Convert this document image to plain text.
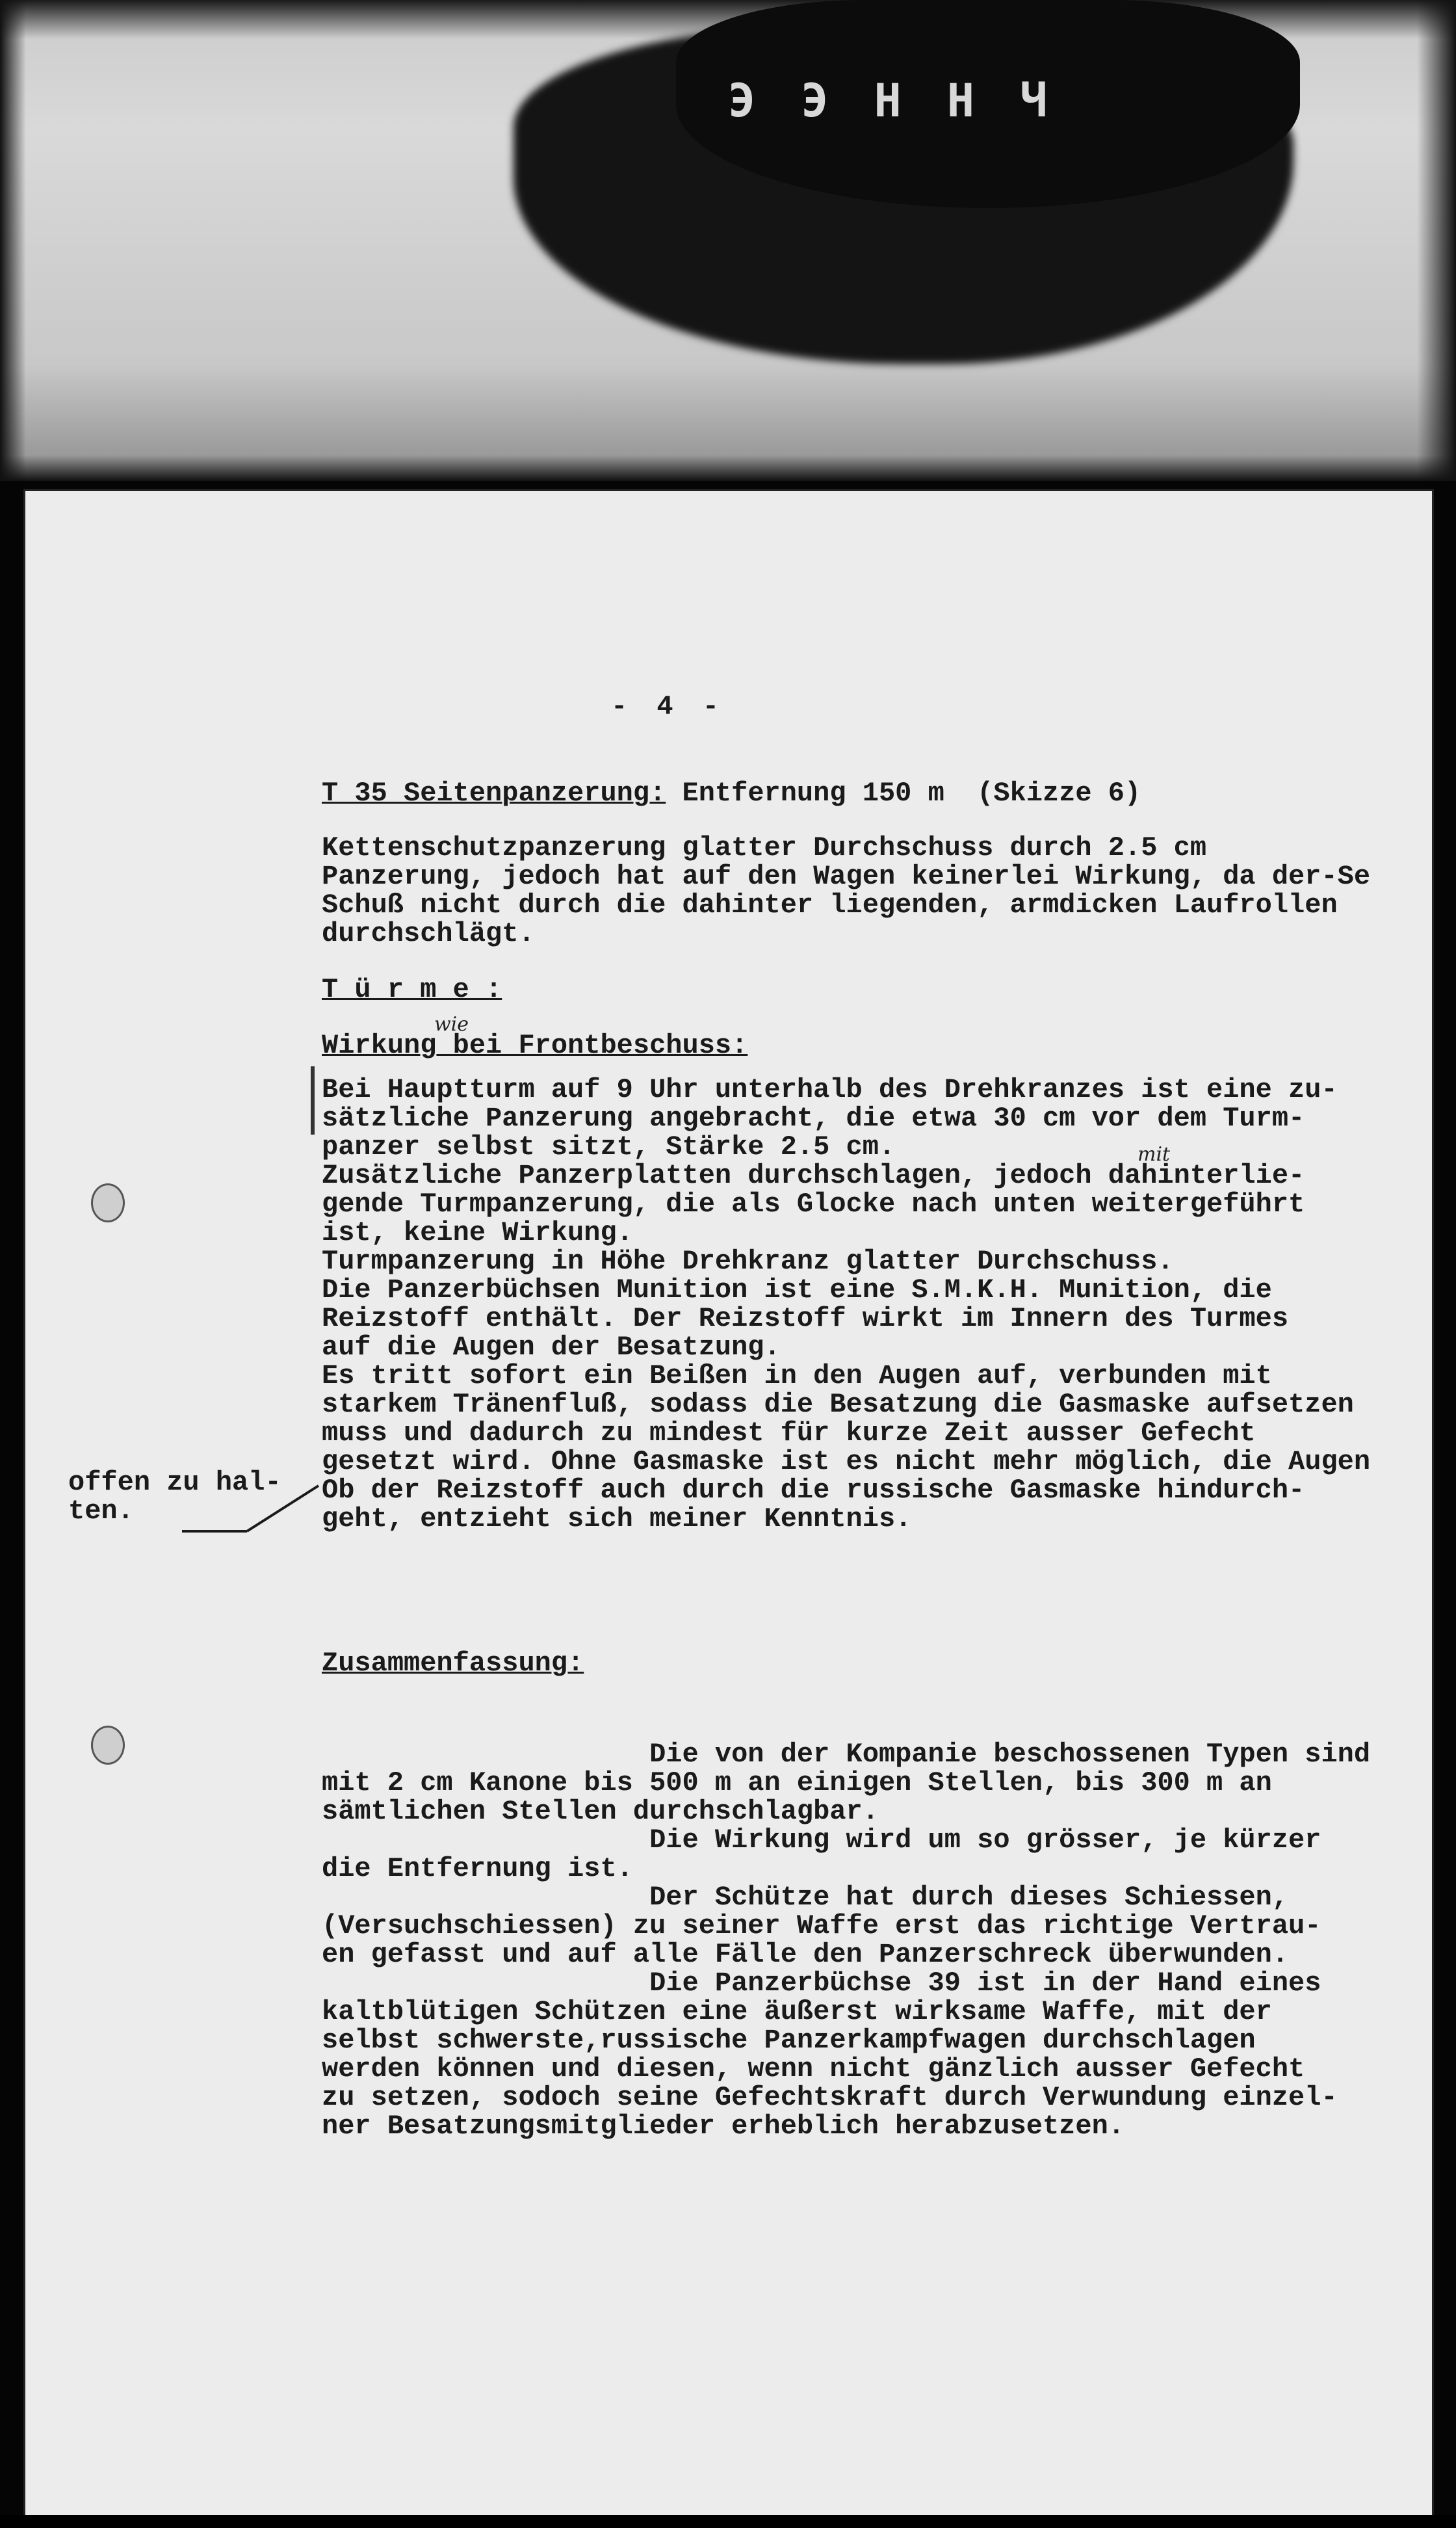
Э Э Н Н Ч
- 4 -
T 35 Seitenpanzerung: Entfernung 150 m  (Skizze 6)
Kettenschutzpanzerung glatter Durchschuss durch 2.5 cm
Panzerung, jedoch hat auf den Wagen keinerlei Wirkung, da der-Se
Schuß nicht durch die dahinter liegenden, armdicken Laufrollen
durchschlägt.
T ü r m e :
wie
Wirkung bei Frontbeschuss:
Bei Hauptturm auf 9 Uhr unterhalb des Drehkranzes ist eine zu-
sätzliche Panzerung angebracht, die etwa 30 cm vor dem Turm-
panzer selbst sitzt, Stärke 2.5 cm.	mit
Zusätzliche Panzerplatten durchschlagen, jedoch dahinterlie-
gende Turmpanzerung, die als Glocke nach unten weitergeführt
ist, keine Wirkung.
Turmpanzerung in Höhe Drehkranz glatter Durchschuss.
Die Panzerbüchsen Munition ist eine S.M.K.H. Munition, die
Reizstoff enthält. Der Reizstoff wirkt im Innern des Turmes
auf die Augen der Besatzung.
Es tritt sofort ein Beißen in den Augen auf, verbunden mit
starkem Tränenfluß, sodass die Besatzung die Gasmaske aufsetzen
muss und dadurch zu mindest für kurze Zeit ausser Gefecht
gesetzt wird. Ohne Gasmaske ist es nicht mehr möglich, die Augen
Ob der Reizstoff auch durch die russische Gasmaske hindurch-
geht, entzieht sich meiner Kenntnis.
offen zu hal-
ten.
Zusammenfassung:
Die von der Kompanie beschossenen Typen sind
mit 2 cm Kanone bis 500 m an einigen Stellen, bis 300 m an
sämtlichen Stellen durchschlagbar.
Die Wirkung wird um so grösser, je kürzer
die Entfernung ist.
Der Schütze hat durch dieses Schiessen,
(Versuchschiessen) zu seiner Waffe erst das richtige Vertrau-
en gefasst und auf alle Fälle den Panzerschreck überwunden.
Die Panzerbüchse 39 ist in der Hand eines
kaltblütigen Schützen eine äußerst wirksame Waffe, mit der
selbst schwerste,russische Panzerkampfwagen durchschlagen
werden können und diesen, wenn nicht gänzlich ausser Gefecht
zu setzen, sodoch seine Gefechtskraft durch Verwundung einzel-
ner Besatzungsmitglieder erheblich herabzusetzen.
